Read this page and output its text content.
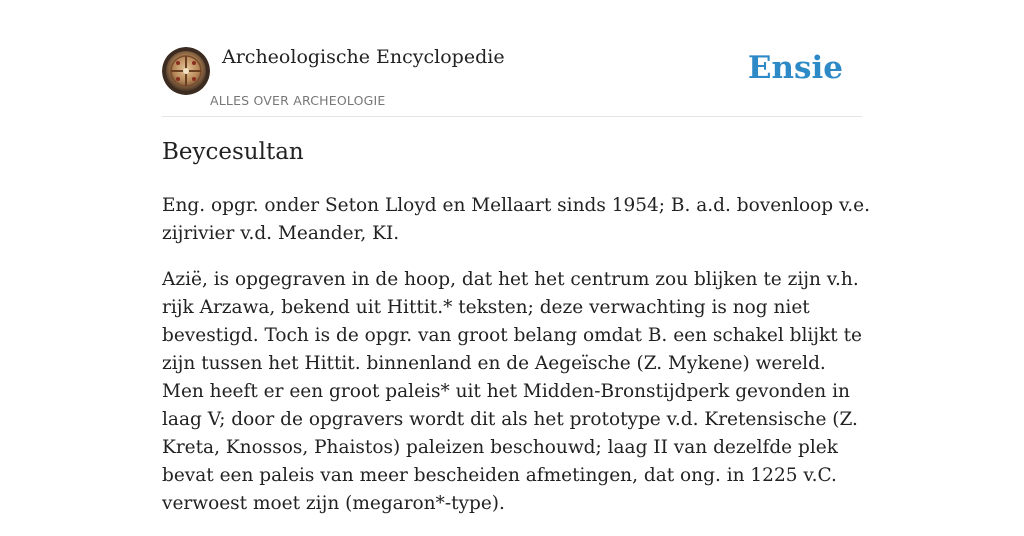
Archeologische Encyclopedie
ALLES OVER ARCHEOLOGIE
Ensie
Beycesultan

Eng. opgr. onder Seton Lloyd en Mellaart sinds 1954; B. a.d. bovenloop v.e. zijrivier v.d. Meander, KI.

Azië, is opgegraven in de hoop, dat het het centrum zou blijken te zijn v.h. rijk Arzawa, bekend uit Hittit.* teksten; deze verwachting is nog niet bevestigd. Toch is de opgr. van groot belang omdat B. een schakel blijkt te zijn tussen het Hittit. binnenland en de Aegeïsche (Z. Mykene) wereld. Men heeft er een groot paleis* uit het Midden-Bronstijdperk gevonden in laag V; door de opgravers wordt dit als het prototype v.d. Kretensische (Z. Kreta, Knossos, Phaistos) paleizen beschouwd; laag II van dezelfde plek bevat een paleis van meer bescheiden afmetingen, dat ong. in 1225 v.C. verwoest moet zijn (megaron*-type).
